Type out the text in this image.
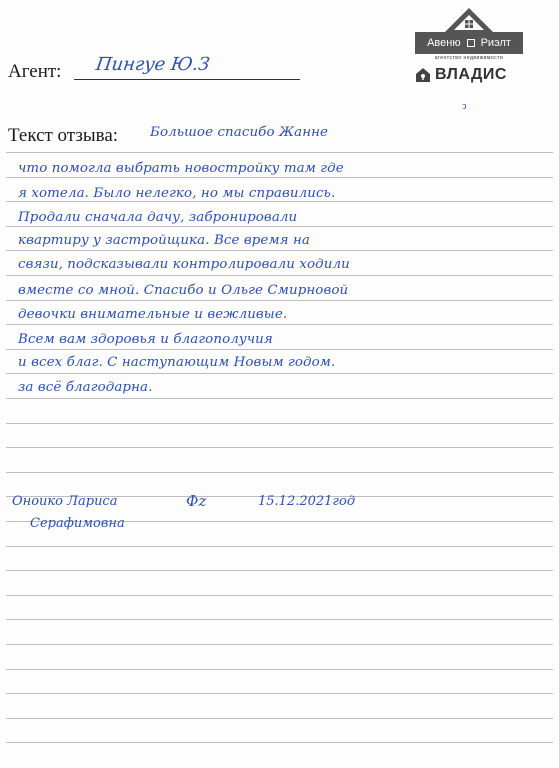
Авеню Риэлт
агентство недвижимости
ВЛАДИС
Агент: Пингуе Ю.З
ↄ
Текст отзыва: Большое спасибо Жанне
что помогла выбрать новостройку там где
я хотела. Было нелегко, но мы справились.
Продали сначала дачу, забронировали
квартиру у застройщика. Все время на
связи, подсказывали контролировали ходили
вместе со мной. Спасибо и Ольге Смирновой
девочки внимательные и вежливые.
Всем вам здоровья и благополучия
и всех благ. С наступающим Новым годом.
за всё благодарна.
Оноико Лариса	Фz	15.12.2021год
Серафимовна
